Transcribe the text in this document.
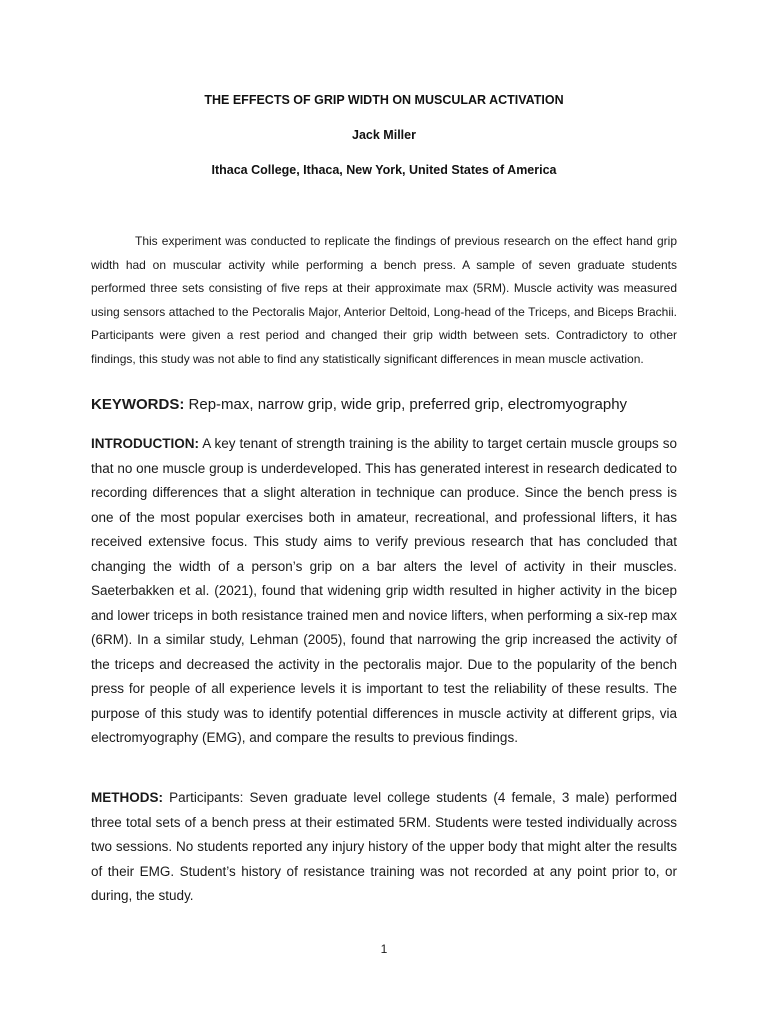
THE EFFECTS OF GRIP WIDTH ON MUSCULAR ACTIVATION
Jack Miller
Ithaca College, Ithaca, New York, United States of America

This experiment was conducted to replicate the findings of previous research on the effect hand grip width had on muscular activity while performing a bench press. A sample of seven graduate students performed three sets consisting of five reps at their approximate max (5RM). Muscle activity was measured using sensors attached to the Pectoralis Major, Anterior Deltoid, Long-head of the Triceps, and Biceps Brachii. Participants were given a rest period and changed their grip width between sets. Contradictory to other findings, this study was not able to find any statistically significant differences in mean muscle activation.

KEYWORDS: Rep-max, narrow grip, wide grip, preferred grip, electromyography

INTRODUCTION: A key tenant of strength training is the ability to target certain muscle groups so that no one muscle group is underdeveloped. This has generated interest in research dedicated to recording differences that a slight alteration in technique can produce. Since the bench press is one of the most popular exercises both in amateur, recreational, and professional lifters, it has received extensive focus. This study aims to verify previous research that has concluded that changing the width of a person’s grip on a bar alters the level of activity in their muscles. Saeterbakken et al. (2021), found that widening grip width resulted in higher activity in the bicep and lower triceps in both resistance trained men and novice lifters, when performing a six-rep max (6RM). In a similar study, Lehman (2005), found that narrowing the grip increased the activity of the triceps and decreased the activity in the pectoralis major. Due to the popularity of the bench press for people of all experience levels it is important to test the reliability of these results. The purpose of this study was to identify potential differences in muscle activity at different grips, via electromyography (EMG), and compare the results to previous findings.

METHODS: Participants: Seven graduate level college students (4 female, 3 male) performed three total sets of a bench press at their estimated 5RM. Students were tested individually across two sessions. No students reported any injury history of the upper body that might alter the results of their EMG. Student’s history of resistance training was not recorded at any point prior to, or during, the study.

1
